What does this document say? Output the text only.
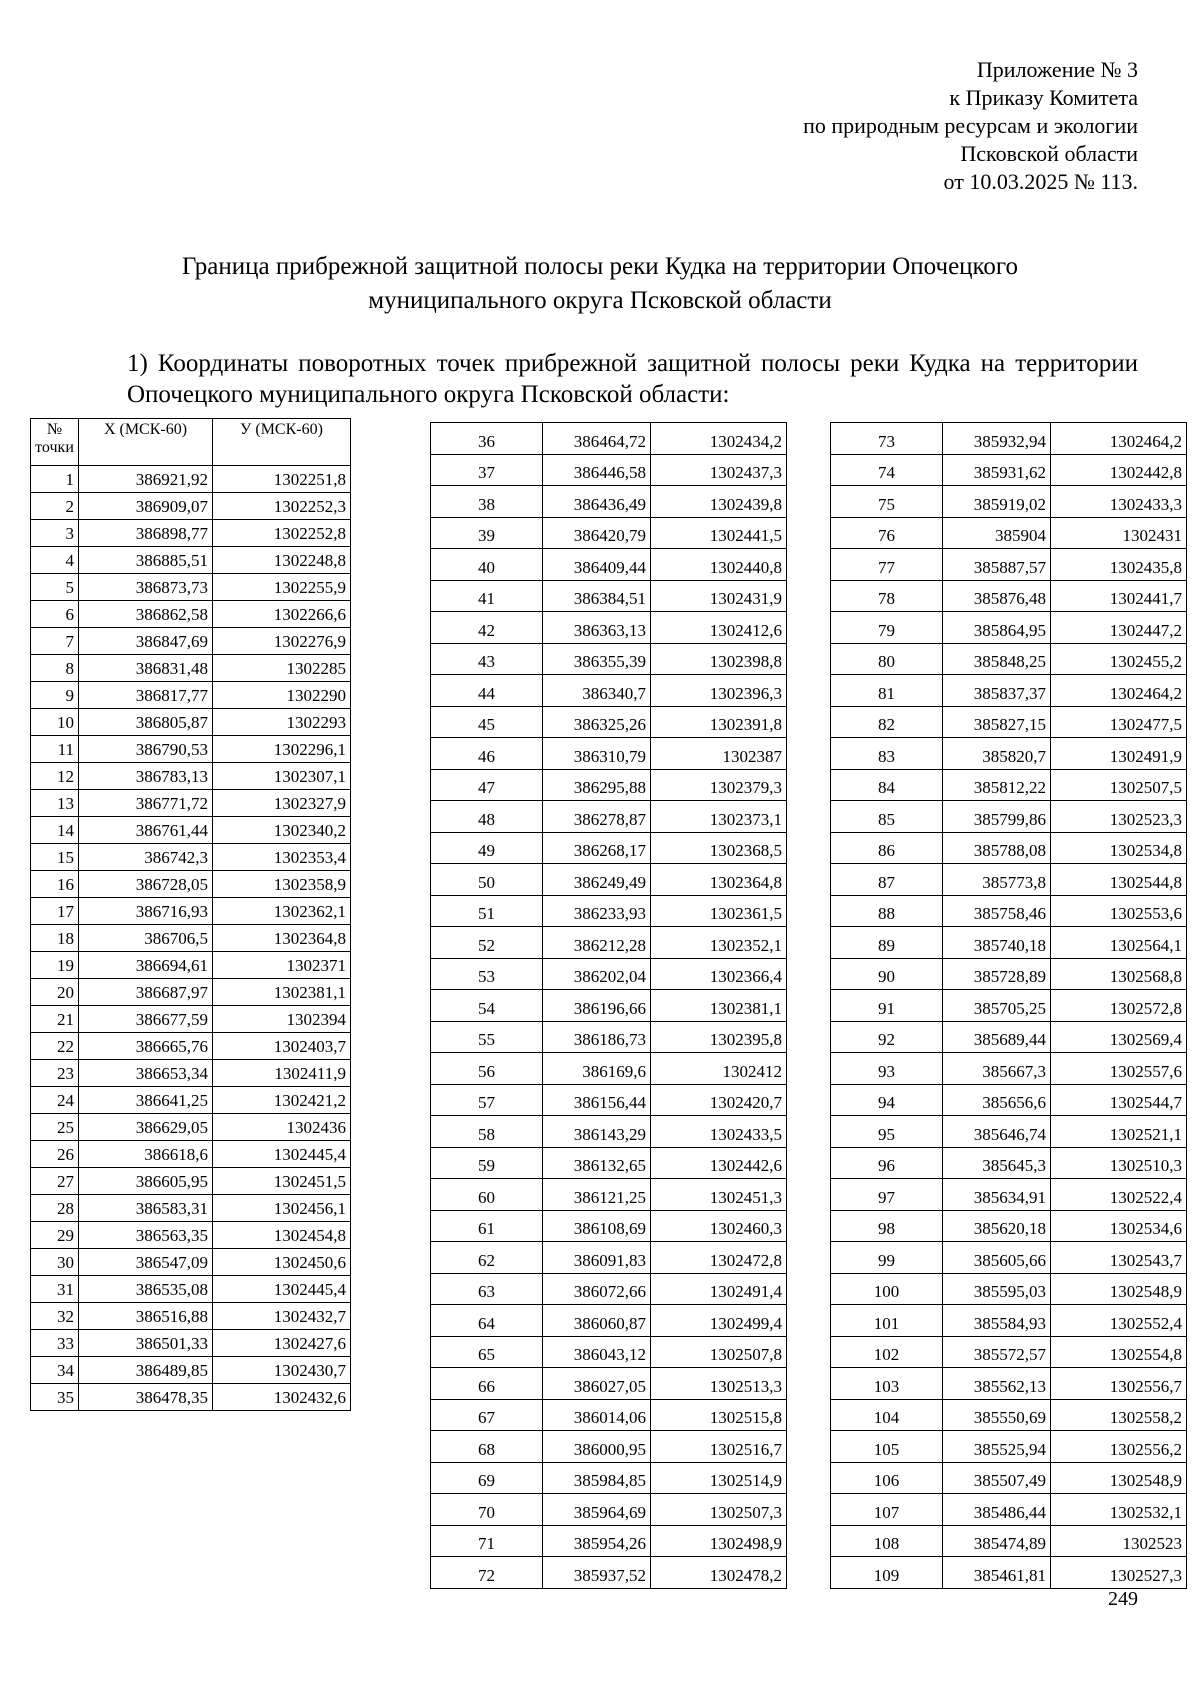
Приложение № 3
к Приказу Комитета
по природным ресурсам и экологии
Псковской области
от 10.03.2025 № 113.
Граница прибрежной защитной полосы реки Кудка на территории Опочецкого
муниципального округа Псковской области
1) Координаты поворотных точек прибрежной защитной полосы реки Кудка на территории Опочецкого муниципального округа Псковской области:
№ точки	X (МСК-60)	У (МСК-60)
1	386921,92	1302251,8
2	386909,07	1302252,3
3	386898,77	1302252,8
4	386885,51	1302248,8
5	386873,73	1302255,9
6	386862,58	1302266,6
7	386847,69	1302276,9
8	386831,48	1302285
9	386817,77	1302290
10	386805,87	1302293
11	386790,53	1302296,1
12	386783,13	1302307,1
13	386771,72	1302327,9
14	386761,44	1302340,2
15	386742,3	1302353,4
16	386728,05	1302358,9
17	386716,93	1302362,1
18	386706,5	1302364,8
19	386694,61	1302371
20	386687,97	1302381,1
21	386677,59	1302394
22	386665,76	1302403,7
23	386653,34	1302411,9
24	386641,25	1302421,2
25	386629,05	1302436
26	386618,6	1302445,4
27	386605,95	1302451,5
28	386583,31	1302456,1
29	386563,35	1302454,8
30	386547,09	1302450,6
31	386535,08	1302445,4
32	386516,88	1302432,7
33	386501,33	1302427,6
34	386489,85	1302430,7
35	386478,35	1302432,6
36	386464,72	1302434,2
37	386446,58	1302437,3
38	386436,49	1302439,8
39	386420,79	1302441,5
40	386409,44	1302440,8
41	386384,51	1302431,9
42	386363,13	1302412,6
43	386355,39	1302398,8
44	386340,7	1302396,3
45	386325,26	1302391,8
46	386310,79	1302387
47	386295,88	1302379,3
48	386278,87	1302373,1
49	386268,17	1302368,5
50	386249,49	1302364,8
51	386233,93	1302361,5
52	386212,28	1302352,1
53	386202,04	1302366,4
54	386196,66	1302381,1
55	386186,73	1302395,8
56	386169,6	1302412
57	386156,44	1302420,7
58	386143,29	1302433,5
59	386132,65	1302442,6
60	386121,25	1302451,3
61	386108,69	1302460,3
62	386091,83	1302472,8
63	386072,66	1302491,4
64	386060,87	1302499,4
65	386043,12	1302507,8
66	386027,05	1302513,3
67	386014,06	1302515,8
68	386000,95	1302516,7
69	385984,85	1302514,9
70	385964,69	1302507,3
71	385954,26	1302498,9
72	385937,52	1302478,2
73	385932,94	1302464,2
74	385931,62	1302442,8
75	385919,02	1302433,3
76	385904	1302431
77	385887,57	1302435,8
78	385876,48	1302441,7
79	385864,95	1302447,2
80	385848,25	1302455,2
81	385837,37	1302464,2
82	385827,15	1302477,5
83	385820,7	1302491,9
84	385812,22	1302507,5
85	385799,86	1302523,3
86	385788,08	1302534,8
87	385773,8	1302544,8
88	385758,46	1302553,6
89	385740,18	1302564,1
90	385728,89	1302568,8
91	385705,25	1302572,8
92	385689,44	1302569,4
93	385667,3	1302557,6
94	385656,6	1302544,7
95	385646,74	1302521,1
96	385645,3	1302510,3
97	385634,91	1302522,4
98	385620,18	1302534,6
99	385605,66	1302543,7
100	385595,03	1302548,9
101	385584,93	1302552,4
102	385572,57	1302554,8
103	385562,13	1302556,7
104	385550,69	1302558,2
105	385525,94	1302556,2
106	385507,49	1302548,9
107	385486,44	1302532,1
108	385474,89	1302523
109	385461,81	1302527,3
249
